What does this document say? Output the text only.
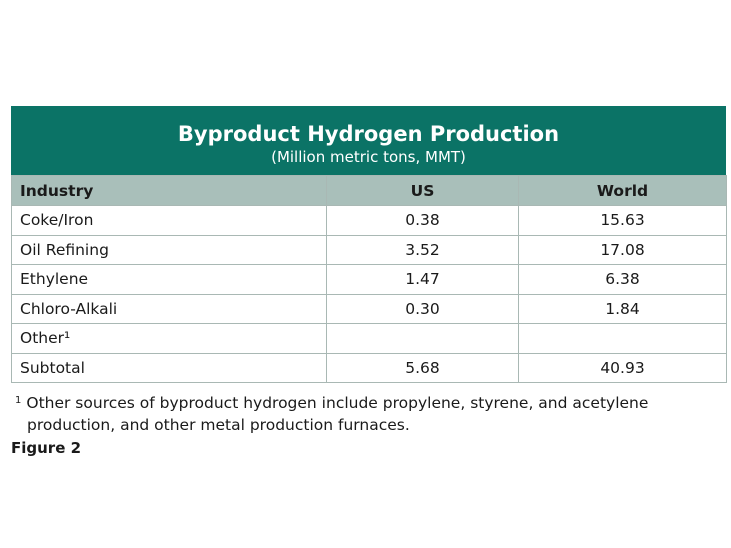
Byproduct Hydrogen Production
(Million metric tons, MMT)
Industry	US	World
Coke/Iron	0.38	15.63
Oil Refining	3.52	17.08
Ethylene	1.47	6.38
Chloro-Alkali	0.30	1.84
Other¹		
Subtotal	5.68	40.93
$^1$ Other sources of byproduct hydrogen include propylene, styrene, and acetylene
production, and other metal production furnaces.
Figure 2
